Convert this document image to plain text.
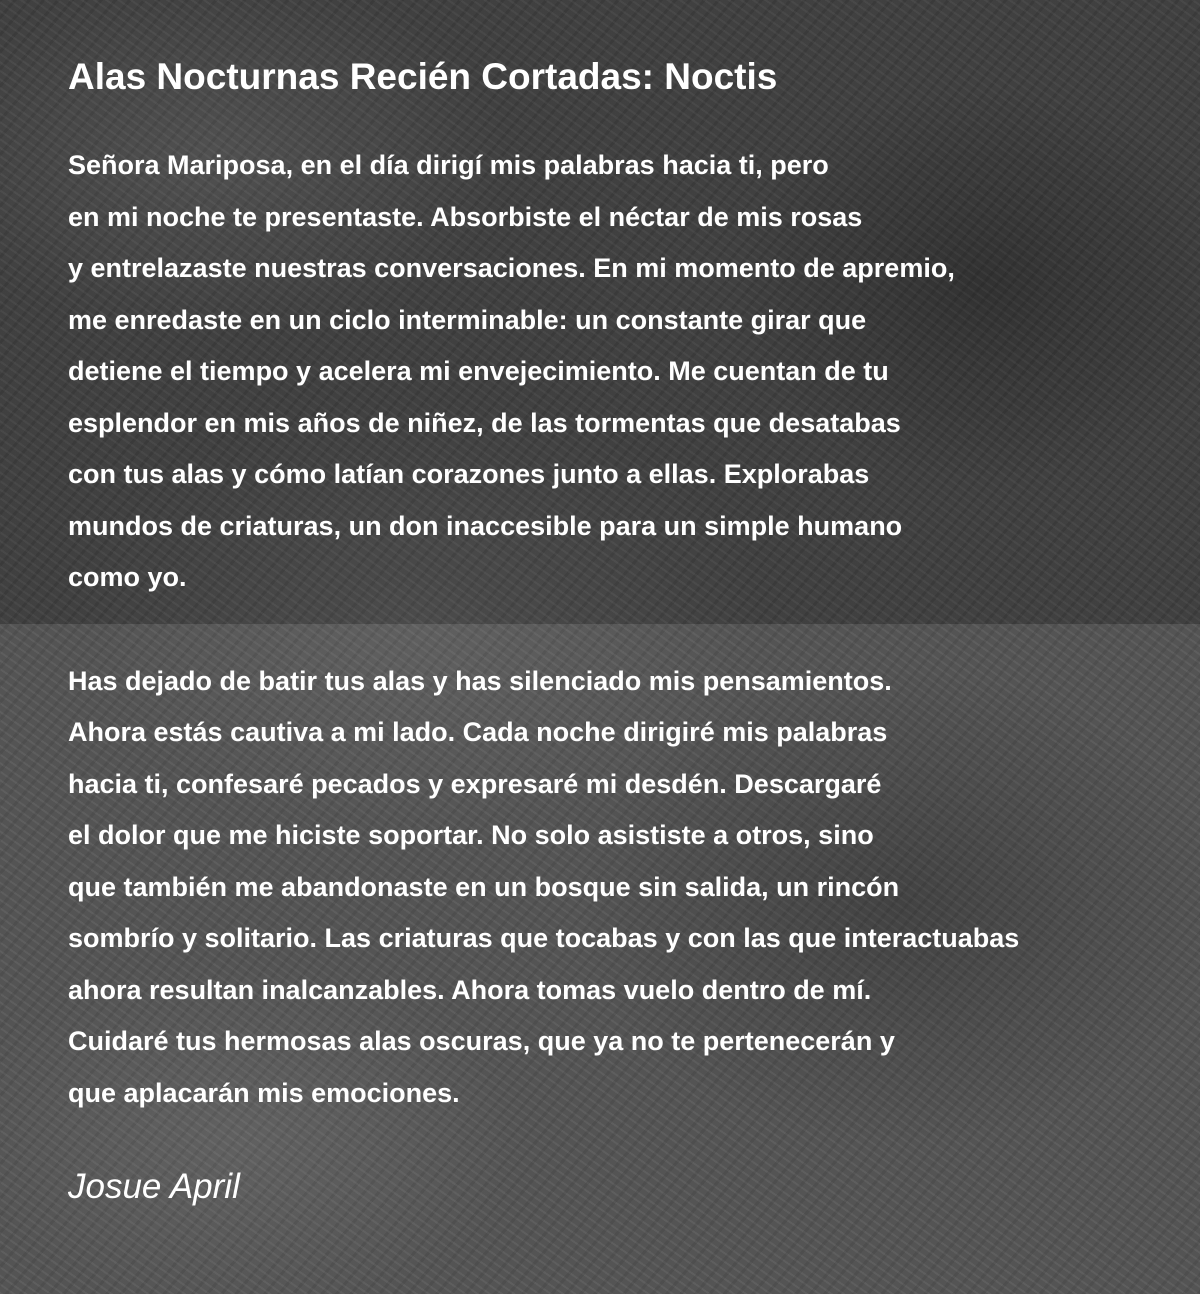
Alas Nocturnas Recién Cortadas: Noctis
Señora Mariposa, en el día dirigí mis palabras hacia ti, pero
en mi noche te presentaste. Absorbiste el néctar de mis rosas
y entrelazaste nuestras conversaciones. En mi momento de apremio,
me enredaste en un ciclo interminable: un constante girar que
detiene el tiempo y acelera mi envejecimiento. Me cuentan de tu
esplendor en mis años de niñez, de las tormentas que desatabas
con tus alas y cómo latían corazones junto a ellas. Explorabas
mundos de criaturas, un don inaccesible para un simple humano
como yo.
Has dejado de batir tus alas y has silenciado mis pensamientos.
Ahora estás cautiva a mi lado. Cada noche dirigiré mis palabras
hacia ti, confesaré pecados y expresaré mi desdén. Descargaré
el dolor que me hiciste soportar. No solo asististe a otros, sino
que también me abandonaste en un bosque sin salida, un rincón
sombrío y solitario. Las criaturas que tocabas y con las que interactuabas
ahora resultan inalcanzables. Ahora tomas vuelo dentro de mí.
Cuidaré tus hermosas alas oscuras, que ya no te pertenecerán y
que aplacarán mis emociones.
Josue April
